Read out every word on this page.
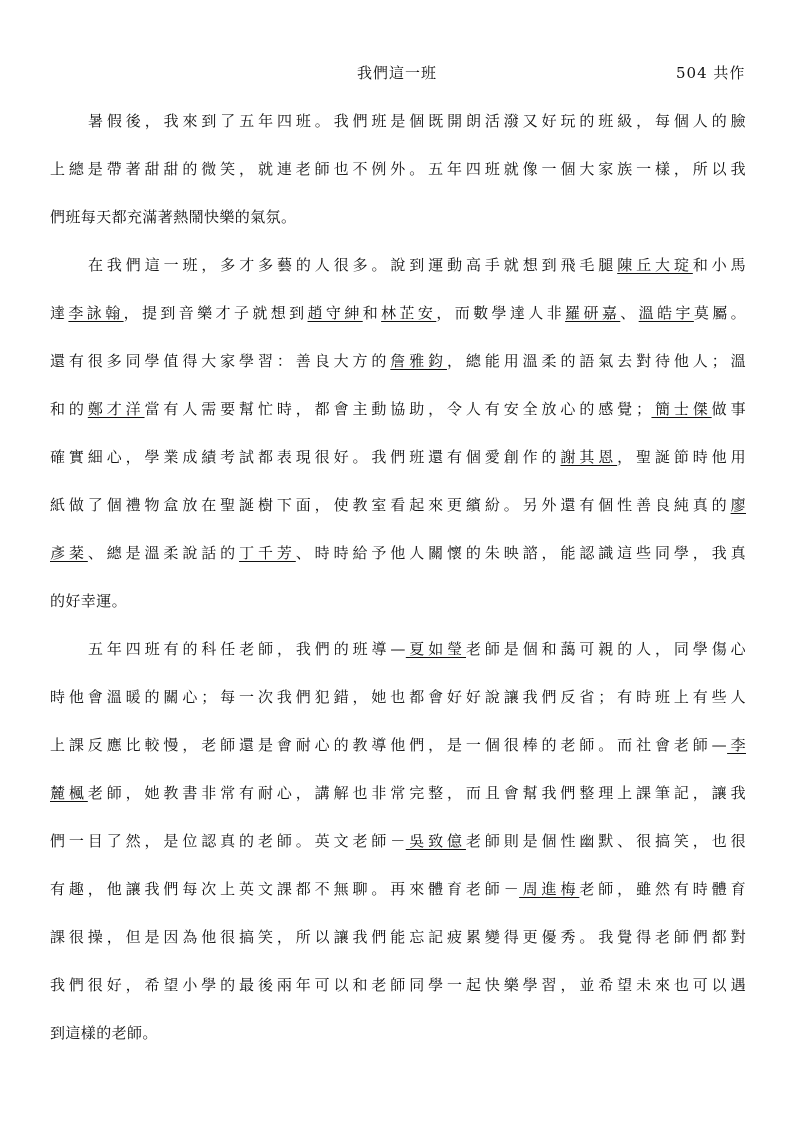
我們這一班	504 共作
暑假後，我來到了五年四班。我們班是個既開朗活潑又好玩的班級，每個人的臉
上總是帶著甜甜的微笑，就連老師也不例外。五年四班就像一個大家族一樣，所以我
們班每天都充滿著熱鬧快樂的氣氛。
在我們這一班，多才多藝的人很多。說到運動高手就想到飛毛腿陳丘大琔和小馬
達李詠翰，提到音樂才子就想到趙守紳和林芷安，而數學達人非羅研嘉、溫皓宇莫屬。
還有很多同學值得大家學習：善良大方的詹雅鈞，總能用溫柔的語氣去對待他人；溫
和的鄭才洋當有人需要幫忙時，都會主動協助，令人有安全放心的感覺；簡士傑做事
確實細心，學業成績考試都表現很好。我們班還有個愛創作的謝其恩，聖誕節時他用
紙做了個禮物盒放在聖誕樹下面，使教室看起來更繽紛。另外還有個性善良純真的廖
彥棻、總是溫柔說話的丁千芳、時時給予他人關懷的朱映諮，能認識這些同學，我真
的好幸運。
五年四班有的科任老師，我們的班導—夏如瑩老師是個和藹可親的人，同學傷心
時他會溫暖的關心；每一次我們犯錯，她也都會好好說讓我們反省；有時班上有些人
上課反應比較慢，老師還是會耐心的教導他們，是一個很棒的老師。而社會老師—李
麓楓老師，她教書非常有耐心，講解也非常完整，而且會幫我們整理上課筆記，讓我
們一目了然，是位認真的老師。英文老師－吳致億老師則是個性幽默、很搞笑，也很
有趣，他讓我們每次上英文課都不無聊。再來體育老師－周進梅老師，雖然有時體育
課很操，但是因為他很搞笑，所以讓我們能忘記疲累變得更優秀。我覺得老師們都對
我們很好，希望小學的最後兩年可以和老師同學一起快樂學習，並希望未來也可以遇
到這樣的老師。
